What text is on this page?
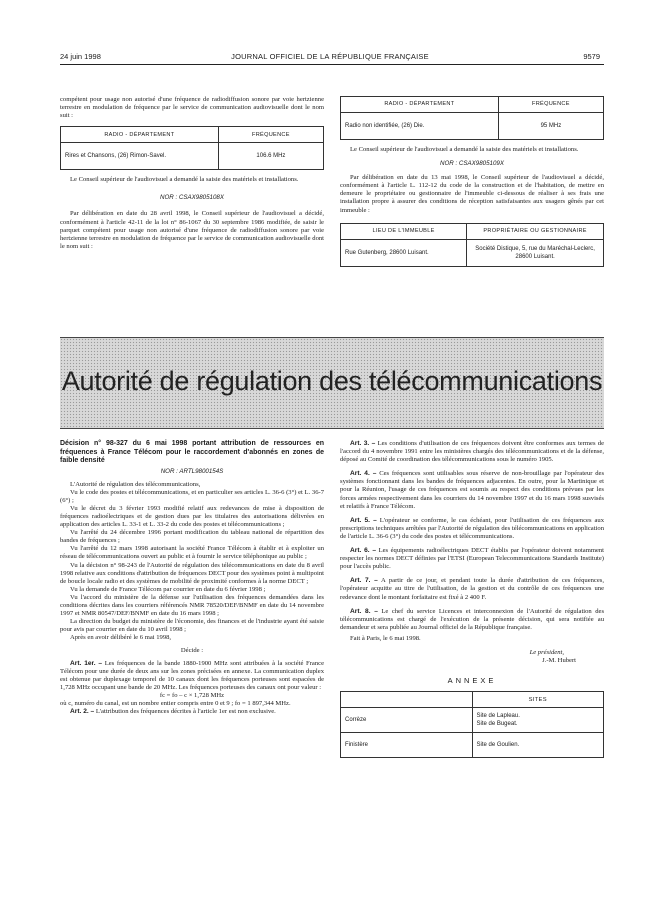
24 juin 1998	JOURNAL OFFICIEL DE LA RÉPUBLIQUE FRANÇAISE	9579

compétent pour usage non autorisé d'une fréquence de radiodiffusion sonore par voie hertzienne terrestre en modulation de fréquence par le service de communication audiovisuelle dont le nom suit :

RADIO - DÉPARTEMENT	FRÉQUENCE
Rires et Chansons, (26) Rimon-Savel.	106.6 MHz

Le Conseil supérieur de l'audiovisuel a demandé la saisie des matériels et installations.

NOR : CSAX9805108X

Par délibération en date du 28 avril 1998, le Conseil supérieur de l'audiovisuel a décidé, conformément à l'article 42-11 de la loi n° 86-1067 du 30 septembre 1986 modifiée, de saisir le parquet compétent pour usage non autorisé d'une fréquence de radiodiffusion sonore par voie hertzienne terrestre en modulation de fréquence par le service de communication audiovisuelle dont le nom suit :

RADIO - DÉPARTEMENT	FRÉQUENCE
Radio non identifiée, (26) Die.	95 MHz

Le Conseil supérieur de l'audiovisuel a demandé la saisie des matériels et installations.

NOR : CSAX9805109X

Par délibération en date du 13 mai 1998, le Conseil supérieur de l'audiovisuel a décidé, conformément à l'article L. 112-12 du code de la construction et de l'habitation, de mettre en demeure le propriétaire ou gestionnaire de l'immeuble ci-dessous de réaliser à ses frais une installation propre à assurer des conditions de réception satisfaisantes aux usagers gênés par cet immeuble :

LIEU DE L'IMMEUBLE	PROPRIÉTAIRE OU GESTIONNAIRE
Rue Gutenberg, 28600 Luisant.	Société Distique, 5, rue du Maréchal-Leclerc, 28600 Luisant.
Autorité de régulation des télécommunications
Décision n° 98-327 du 6 mai 1998 portant attribution de ressources en fréquences à France Télécom pour le raccordement d'abonnés en zones de faible densité
NOR : ARTL9800154S

L'Autorité de régulation des télécommunications,

Vu le code des postes et télécommunications, et en particulier ses articles L. 36-6 (3°) et L. 36-7 (6°) ;

Vu le décret du 3 février 1993 modifié relatif aux redevances de mise à disposition de fréquences radioélectriques et de gestion dues par les titulaires des autorisations délivrées en application des articles L. 33-1 et L. 33-2 du code des postes et télécommunications ;

Vu l'arrêté du 24 décembre 1996 portant modification du tableau national de répartition des bandes de fréquences ;

Vu l'arrêté du 12 mars 1998 autorisant la société France Télécom à établir et à exploiter un réseau de télécommunications ouvert au public et à fournir le service téléphonique au public ;

Vu la décision n° 98-243 de l'Autorité de régulation des télécommunications en date du 8 avril 1998 relative aux conditions d'attribution de fréquences DECT pour des systèmes point à multipoint de boucle locale radio et des systèmes de mobilité de proximité conformes à la norme DECT ;

Vu la demande de France Télécom par courrier en date du 6 février 1998 ;

Vu l'accord du ministère de la défense sur l'utilisation des fréquences demandées dans les conditions décrites dans les courriers référencés NMR 78520/DEF/BNMF en date du 14 novembre 1997 et NMR 80547/DEF/BNMF en date du 16 mars 1998 ;

La direction du budget du ministère de l'économie, des finances et de l'industrie ayant été saisie pour avis par courrier en date du 10 avril 1998 ;

Après en avoir délibéré le 6 mai 1998,

Décide :

Art. 1er. – Les fréquences de la bande 1880-1900 MHz sont attribuées à la société France Télécom pour une durée de deux ans sur les zones précisées en annexe. La communication duplex est obtenue par duplexage temporel de 10 canaux dont les fréquences porteuses sont espacées de 1,728 MHz occupant une bande de 20 MHz. Les fréquences porteuses des canaux ont pour valeur :

fc = fo – c × 1,728 MHz

où c, numéro du canal, est un nombre entier compris entre 0 et 9 ; fo = 1 897,344 MHz.

Art. 2. – L'attribution des fréquences décrites à l'article 1er est non exclusive.

Art. 3. – Les conditions d'utilisation de ces fréquences doivent être conformes aux termes de l'accord du 4 novembre 1991 entre les ministères chargés des télécommunications et de la défense, déposé au Comité de coordination des télécommunications sous le numéro 1905.

Art. 4. – Ces fréquences sont utilisables sous réserve de non-brouillage par l'opérateur des systèmes fonctionnant dans les bandes de fréquences adjacentes. En outre, pour la Martinique et pour la Réunion, l'usage de ces fréquences est soumis au respect des conditions prévues par les forces armées respectivement dans les courriers du 14 novembre 1997 et du 16 mars 1998 susvisés et relatifs à France Télécom.

Art. 5. – L'opérateur se conforme, le cas échéant, pour l'utilisation de ces fréquences aux prescriptions techniques arrêtées par l'Autorité de régulation des télécommunications en application de l'article L. 36-6 (3°) du code des postes et télécommunications.

Art. 6. – Les équipements radioélectriques DECT établis par l'opérateur doivent notamment respecter les normes DECT définies par l'ETSI (European Telecommunications Standards Institute) pour l'accès public.

Art. 7. – A partir de ce jour, et pendant toute la durée d'attribution de ces fréquences, l'opérateur acquitte au titre de l'utilisation, de la gestion et du contrôle de ces fréquences une redevance dont le montant forfaitaire est fixé à 2 400 F.

Art. 8. – Le chef du service Licences et interconnexion de l'Autorité de régulation des télécommunications est chargé de l'exécution de la présente décision, qui sera notifiée au demandeur et sera publiée au Journal officiel de la République française.

Fait à Paris, le 6 mai 1998.

Le président,

J.-M. Hubert

ANNEXE

	SITES
Corrèze	Site de Lapleau.
Site de Bugeat.
Finistère	Site de Goulien.
